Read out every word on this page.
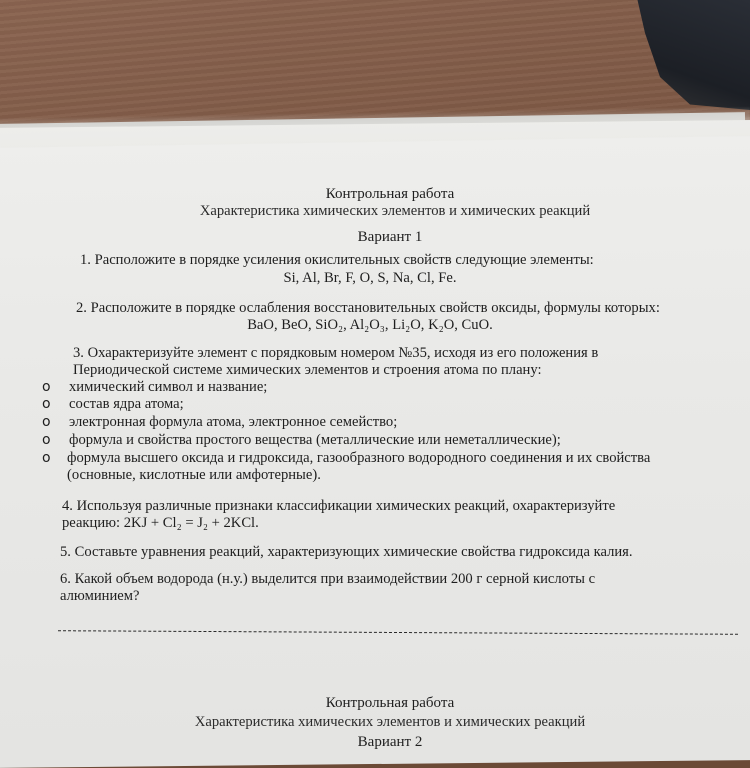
Контрольная работа
Характеристика химических элементов и химических реакций
Вариант 1
1. Расположите в порядке усиления окислительных свойств следующие элементы:
Si, Al, Br, F, O, S, Na, Cl, Fe.
2. Расположите в порядке ослабления восстановительных свойств оксиды, формулы которых:
BaO, BeO, SiO₂, Al₂O₃, Li₂O, K₂O, CuO.
3. Охарактеризуйте элемент с порядковым номером №35, исходя из его положения в
Периодической системе химических элементов и строения атома по плану:
o химический символ и название;
o состав ядра атома;
o электронная формула атома, электронное семейство;
o формула и свойства простого вещества (металлические или неметаллические);
o формула высшего оксида и гидроксида, газообразного водородного соединения и их свойства
(основные, кислотные или амфотерные).
4. Используя различные признаки классификации химических реакций, охарактеризуйте
реакцию: 2KJ + Cl₂ = J₂ + 2KCl.
5. Составьте уравнения реакций, характеризующих химические свойства гидроксида калия.
6. Какой объем водорода (н.у.) выделится при взаимодействии 200 г серной кислоты с
алюминием?
Контрольная работа
Характеристика химических элементов и химических реакций
Вариант 2
